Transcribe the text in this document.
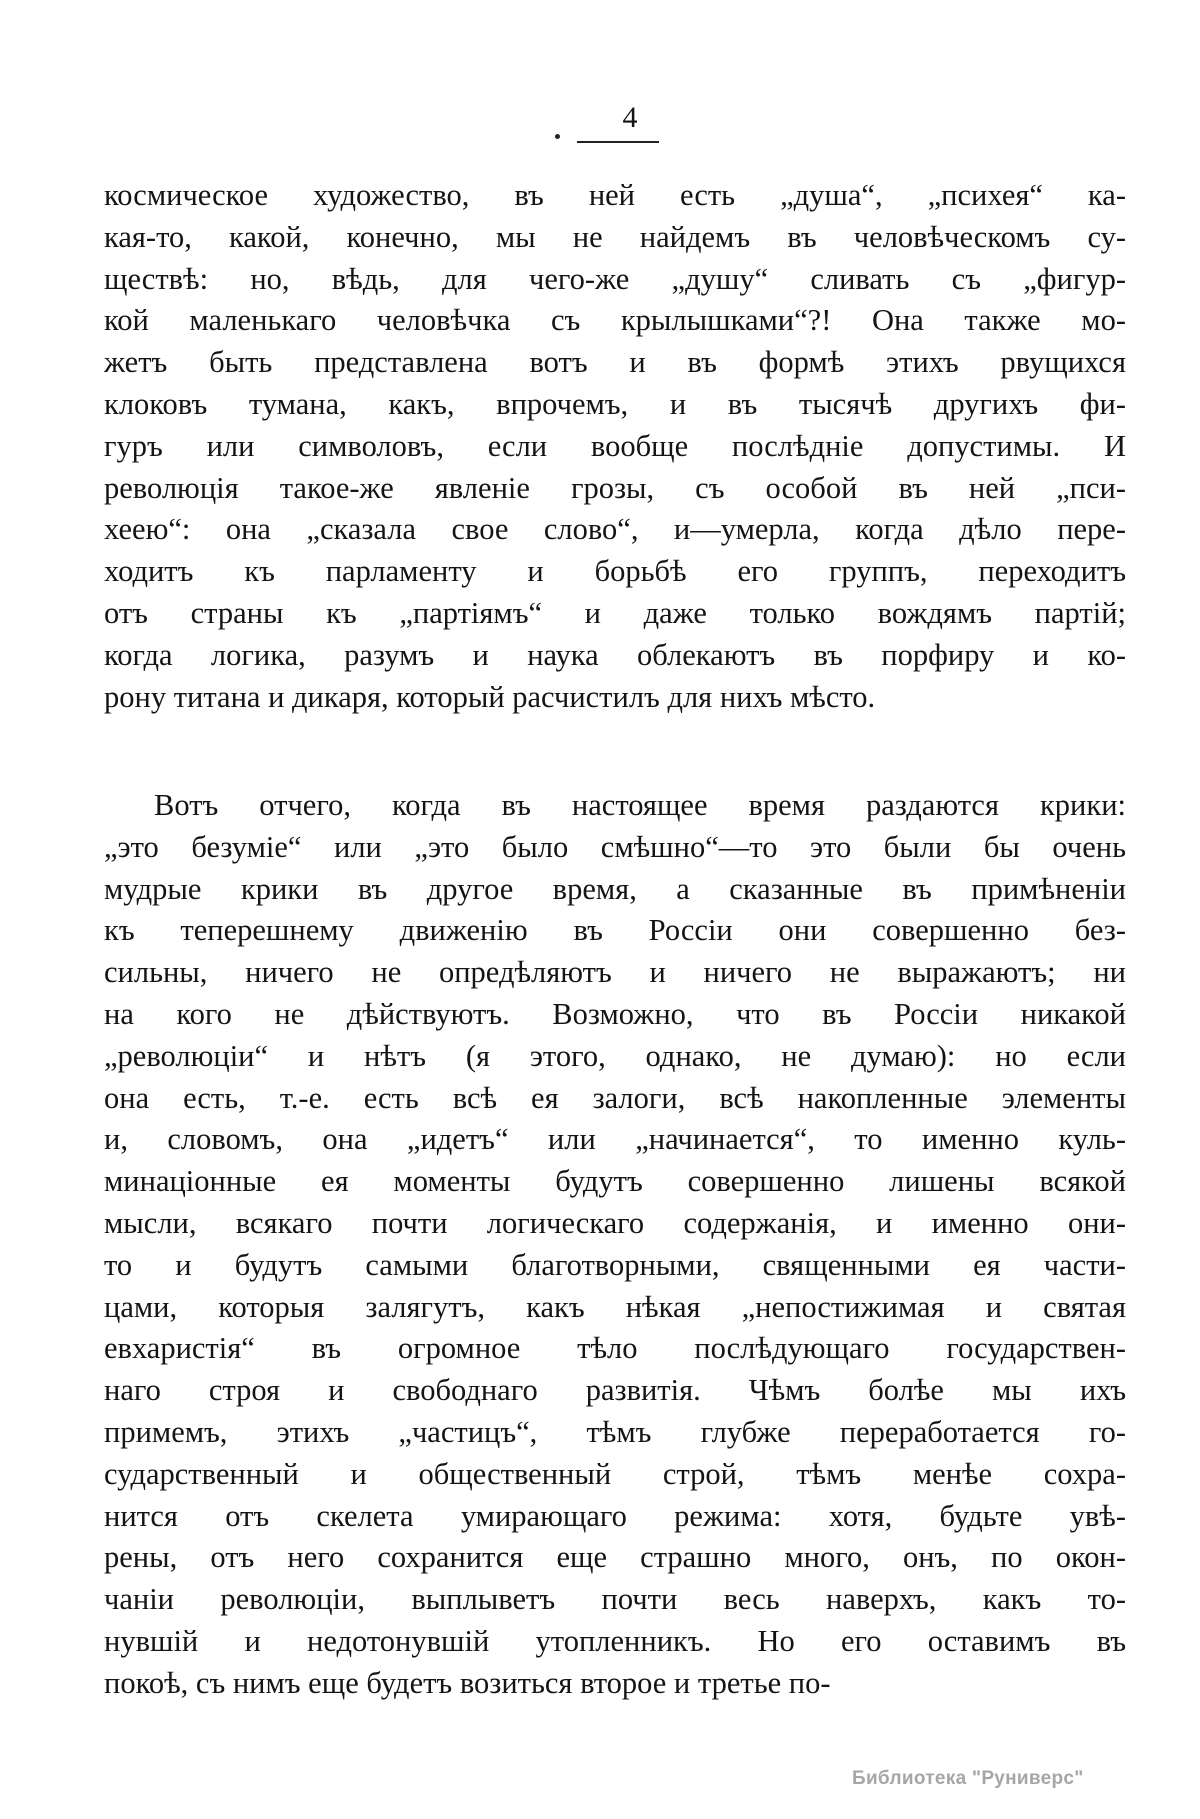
4
космическое художество, въ ней есть „душа“, „психея“ ка-
кая-то, какой, конечно, мы не найдемъ въ человѣческомъ су-
ществѣ: но, вѣдь, для чего-же „душу“ сливать съ „фигур-
кой маленькаго человѣчка съ крылышками“?! Она также мо-
жетъ быть представлена вотъ и въ формѣ этихъ рвущихся
клоковъ тумана, какъ, впрочемъ, и въ тысячѣ другихъ фи-
гуръ или символовъ, если вообще послѣдніе допустимы. И
революція такое-же явленіе грозы, съ особой въ ней „пси-
хеею“: она „сказала свое слово“, и—умерла, когда дѣло пере-
ходитъ къ парламенту и борьбѣ его группъ, переходитъ
отъ страны къ „партіямъ“ и даже только вождямъ партій;
когда логика, разумъ и наука облекаютъ въ порфиру и ко-
рону титана и дикаря, который расчистилъ для нихъ мѣсто.
Вотъ отчего, когда въ настоящее время раздаются крики:
„это безуміе“ или „это было смѣшно“—то это были бы очень
мудрые крики въ другое время, а сказанные въ примѣненіи
къ теперешнему движенію въ Россіи они совершенно без-
сильны, ничего не опредѣляютъ и ничего не выражаютъ; ни
на кого не дѣйствуютъ. Возможно, что въ Россіи никакой
„революціи“ и нѣтъ (я этого, однако, не думаю): но если
она есть, т.-е. есть всѣ ея залоги, всѣ накопленные элементы
и, словомъ, она „идетъ“ или „начинается“, то именно куль-
минаціонные ея моменты будутъ совершенно лишены всякой
мысли, всякаго почти логическаго содержанія, и именно они-
то и будутъ самыми благотворными, священными ея части-
цами, которыя залягутъ, какъ нѣкая „непостижимая и святая
евхаристія“ въ огромное тѣло послѣдующаго государствен-
наго строя и свободнаго развитія. Чѣмъ болѣе мы ихъ
примемъ, этихъ „частицъ“, тѣмъ глубже переработается го-
сударственный и общественный строй, тѣмъ менѣе сохра-
нится отъ скелета умирающаго режима: хотя, будьте увѣ-
рены, отъ него сохранится еще страшно много, онъ, по окон-
чаніи революціи, выплыветъ почти весь наверхъ, какъ то-
нувшій и недотонувшій утопленникъ. Но его оставимъ въ
покоѣ, съ нимъ еще будетъ возиться второе и третье по-
Библиотека "Руниверс"
